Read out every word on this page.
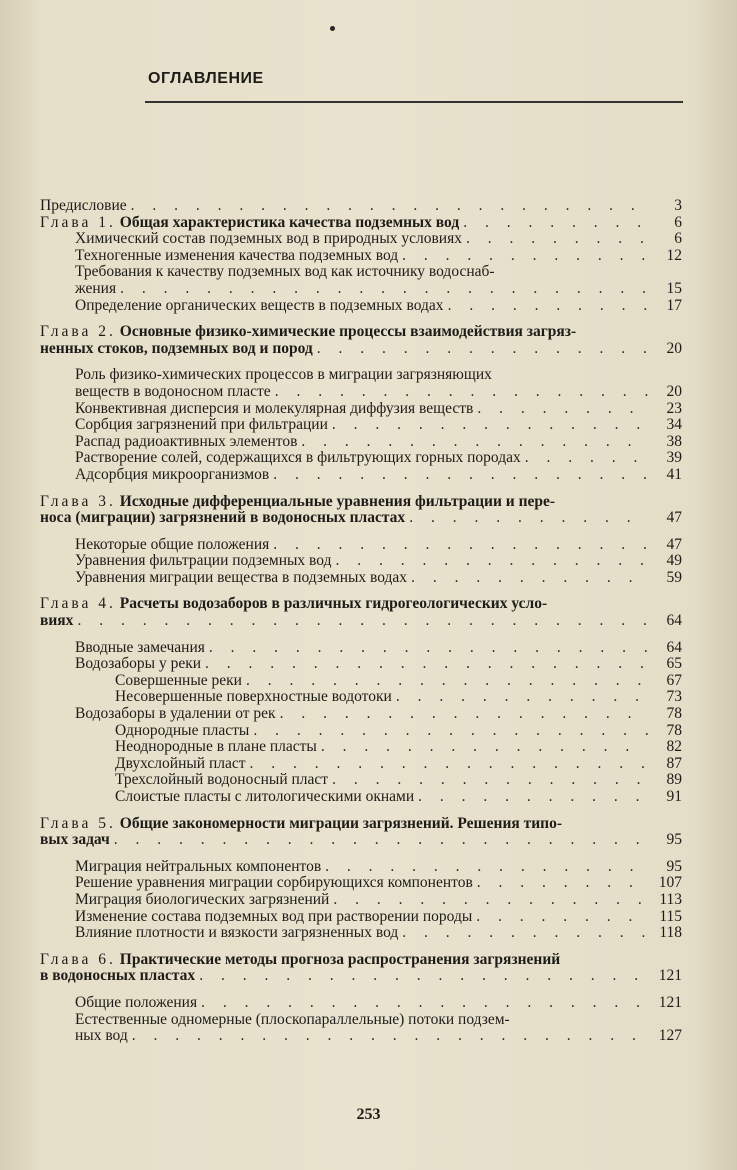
ОГЛАВЛЕНИЕ
Предисловие . . .	3
Глава 1. Общая характеристика качества подземных вод . . .	6
Химический состав подземных вод в природных условиях . . .	6
Техногенные изменения качества подземных вод . . .	12
Требования к качеству подземных вод как источнику водоснаб-
жения . . .	15
Определение органических веществ в подземных водах . . .	17
Глава 2. Основные физико-химические процессы взаимодействия загряз-
ненных стоков, подземных вод и пород . . .	20
Роль физико-химических процессов в миграции загрязняющих
веществ в водоносном пласте . . .	20
Конвективная дисперсия и молекулярная диффузия веществ . . .	23
Сорбция загрязнений при фильтрации . . .	34
Распад радиоактивных элементов . . .	38
Растворение солей, содержащихся в фильтрующих горных породах . . .	39
Адсорбция микроорганизмов . . .	41
Глава 3. Исходные дифференциальные уравнения фильтрации и пере-
носа (миграции) загрязнений в водоносных пластах . . .	47
Некоторые общие положения . . .	47
Уравнения фильтрации подземных вод . . .	49
Уравнения миграции вещества в подземных водах . . .	59
Глава 4. Расчеты водозаборов в различных гидрогеологических усло-
виях . . .	64
Вводные замечания . . .	64
Водозаборы у реки . . .	65
Совершенные реки . . .	67
Несовершенные поверхностные водотоки . . .	73
Водозаборы в удалении от рек . . .	78
Однородные пласты . . .	78
Неоднородные в плане пласты . . .	82
Двухслойный пласт . . .	87
Трехслойный водоносный пласт . . .	89
Слоистые пласты с литологическими окнами . . .	91
Глава 5. Общие закономерности миграции загрязнений. Решения типо-
вых задач . . .	95
Миграция нейтральных компонентов . . .	95
Решение уравнения миграции сорбирующихся компонентов . . .	107
Миграция биологических загрязнений . . .	113
Изменение состава подземных вод при растворении породы . . .	115
Влияние плотности и вязкости загрязненных вод . . .	118
Глава 6. Практические методы прогноза распространения загрязнений
в водоносных пластах . . .	121
Общие положения . . .	121
Естественные одномерные (плоскопараллельные) потоки подзем-
ных вод . . .	127
253
